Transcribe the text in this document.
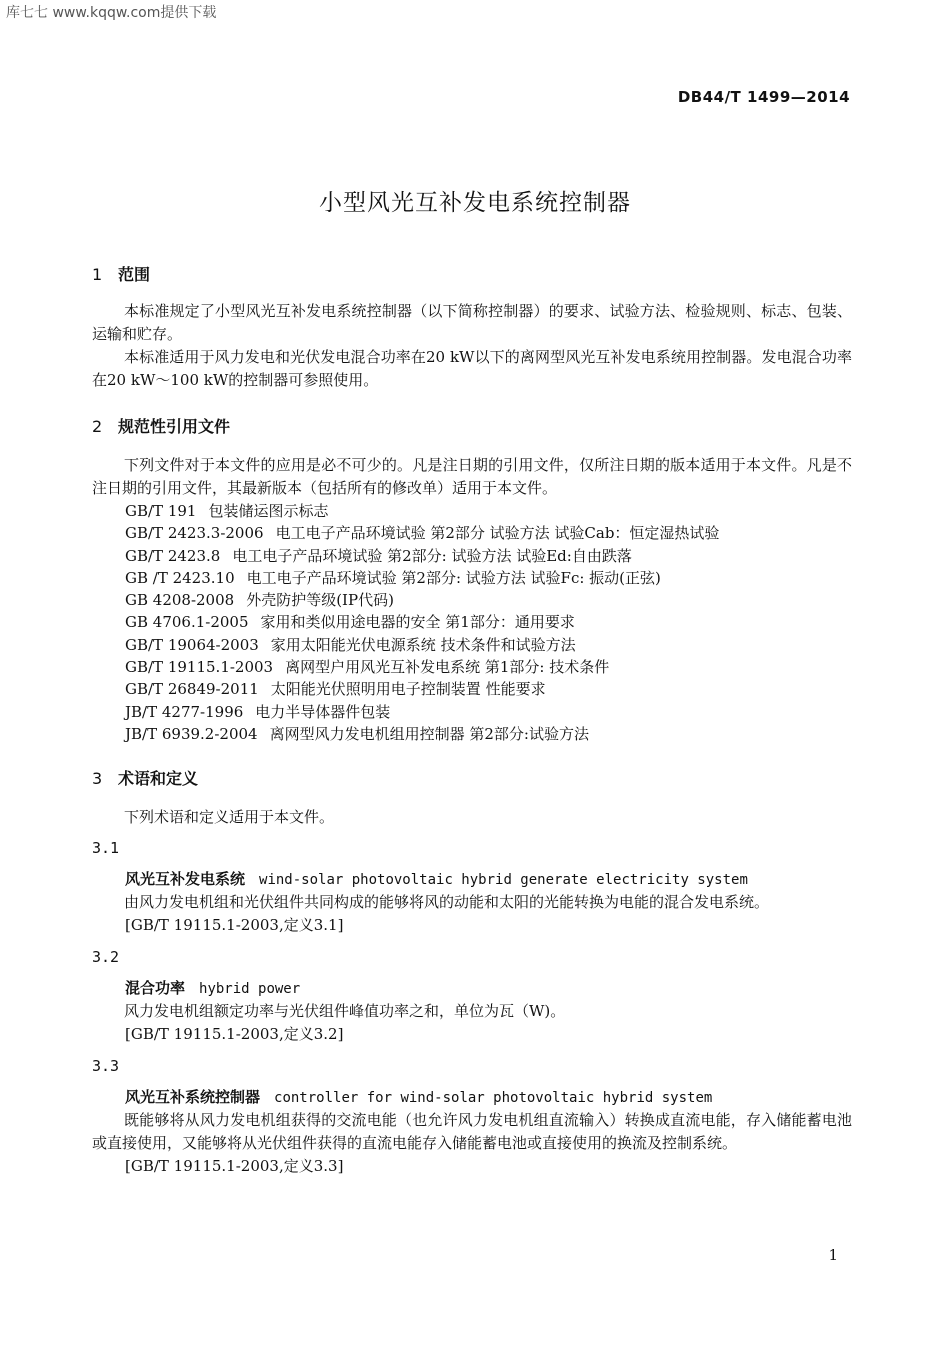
库七七 www.kqqw.com提供下载
DB44/T 1499—2014
小型风光互补发电系统控制器
1 范围

本标准规定了小型风光互补发电系统控制器（以下简称控制器）的要求、试验方法、检验规则、标志、包装、运输和贮存。

本标准适用于风力发电和光伏发电混合功率在20 kW以下的离网型风光互补发电系统用控制器。发电混合功率在20 kW～100 kW的控制器可参照使用。

2 规范性引用文件

下列文件对于本文件的应用是必不可少的。凡是注日期的引用文件，仅所注日期的版本适用于本文件。凡是不注日期的引用文件，其最新版本（包括所有的修改单）适用于本文件。

GB/T 191 包装储运图示标志
GB/T 2423.3-2006 电工电子产品环境试验 第2部分 试验方法 试验Cab：恒定湿热试验
GB/T 2423.8 电工电子产品环境试验 第2部分: 试验方法 试验Ed:自由跌落
GB /T 2423.10 电工电子产品环境试验 第2部分: 试验方法 试验Fc: 振动(正弦)
GB 4208-2008 外壳防护等级(IP代码)
GB 4706.1-2005 家用和类似用途电器的安全 第1部分：通用要求
GB/T 19064-2003 家用太阳能光伏电源系统 技术条件和试验方法
GB/T 19115.1-2003 离网型户用风光互补发电系统 第1部分: 技术条件
GB/T 26849-2011 太阳能光伏照明用电子控制装置 性能要求
JB/T 4277-1996 电力半导体器件包装
JB/T 6939.2-2004 离网型风力发电机组用控制器 第2部分:试验方法
3 术语和定义

下列术语和定义适用于本文件。

3.1
风光互补发电系统 wind-solar photovoltaic hybrid generate electricity system

由风力发电机组和光伏组件共同构成的能够将风的动能和太阳的光能转换为电能的混合发电系统。

[GB/T 19115.1-2003,定义3.1]
3.2
混合功率 hybrid power

风力发电机组额定功率与光伏组件峰值功率之和，单位为瓦（W)。

[GB/T 19115.1-2003,定义3.2]
3.3
风光互补系统控制器 controller for wind-solar photovoltaic hybrid system

既能够将从风力发电机组获得的交流电能（也允许风力发电机组直流输入）转换成直流电能，存入储能蓄电池或直接使用，又能够将从光伏组件获得的直流电能存入储能蓄电池或直接使用的换流及控制系统。

[GB/T 19115.1-2003,定义3.3]
1
